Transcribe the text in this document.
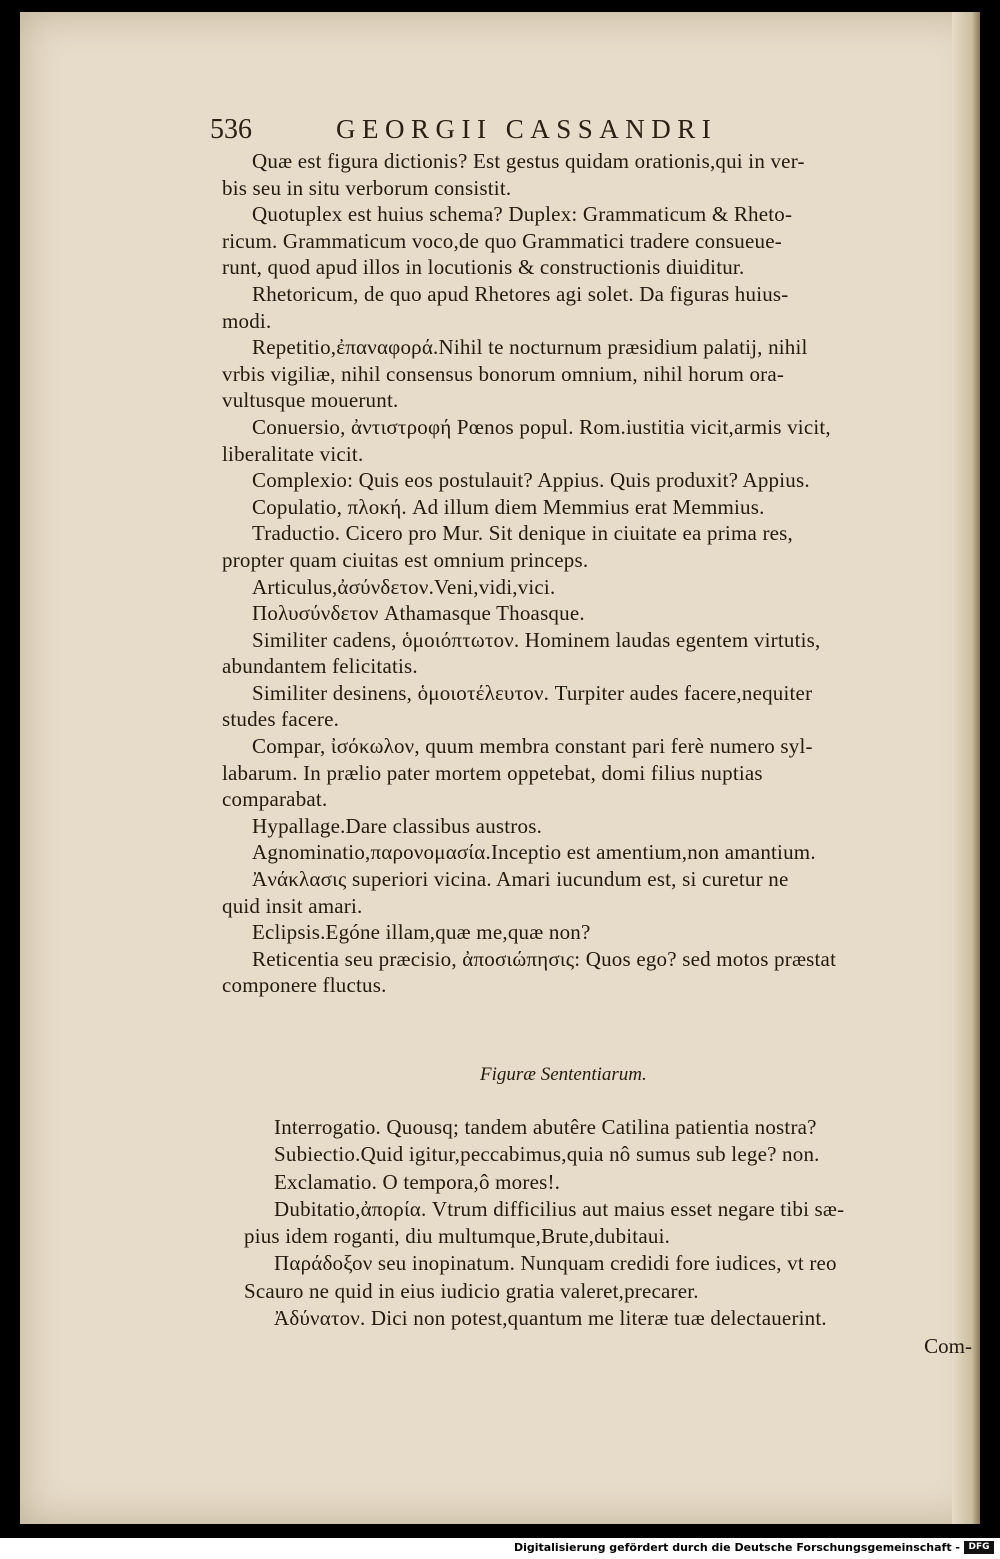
536	GEORGII CASSANDRI
Quæ est figura dictionis? Est gestus quidam orationis,qui in ver-
bis seu in situ verborum consistit.
Quotuplex est huius schema? Duplex: Grammaticum & Rheto-
ricum. Grammaticum voco,de quo Grammatici tradere consueue-
runt, quod apud illos in locutionis & constructionis diuiditur.
Rhetoricum, de quo apud Rhetores agi solet. Da figuras huius-
modi.
Repetitio,ἐπαναφορά.Nihil te nocturnum præsidium palatij, nihil
vrbis vigiliæ, nihil consensus bonorum omnium, nihil horum ora-
vultusque mouerunt.
Conuersio, ἀντιστροφή Pœnos popul. Rom.iustitia vicit,armis vicit,
liberalitate vicit.
Complexio: Quis eos postulauit? Appius. Quis produxit? Appius.
Copulatio, πλοκή. Ad illum diem Memmius erat Memmius.
Traductio. Cicero pro Mur. Sit denique in ciuitate ea prima res,
propter quam ciuitas est omnium princeps.
Articulus,ἀσύνδετον.Veni,vidi,vici.
Πολυσύνδετον Athamasque Thoasque.
Similiter cadens, ὁμοιόπτωτον. Hominem laudas egentem virtutis,
abundantem felicitatis.
Similiter desinens, ὁμοιοτέλευτον. Turpiter audes facere,nequiter
studes facere.
Compar, ἰσόκωλον, quum membra constant pari ferè numero syl-
labarum. In prælio pater mortem oppetebat, domi filius nuptias
comparabat.
Hypallage.Dare classibus austros.
Agnominatio,παρονομασία.Inceptio est amentium,non amantium.
Ἀνάκλασις superiori vicina. Amari iucundum est, si curetur ne
quid insit amari.
Eclipsis.Egóne illam,quæ me,quæ non?
Reticentia seu præcisio, ἀποσιώπησις: Quos ego? sed motos præstat
componere fluctus.
Figuræ Sententiarum.
Interrogatio. Quousq; tandem abutêre Catilina patientia nostra?
Subiectio.Quid igitur,peccabimus,quia nô sumus sub lege? non.
Exclamatio. O tempora,ô mores!.
Dubitatio,ἀπορία. Vtrum difficilius aut maius esset negare tibi sæ-
pius idem roganti, diu multumque,Brute,dubitaui.
Παράδοξον seu inopinatum. Nunquam credidi fore iudices, vt reo
Scauro ne quid in eius iudicio gratia valeret,precarer.
Ἀδύνατον. Dici non potest,quantum me literæ tuæ delectauerint.
Com-
Digitalisierung gefördert durch die Deutsche Forschungsgemeinschaft - DFG
